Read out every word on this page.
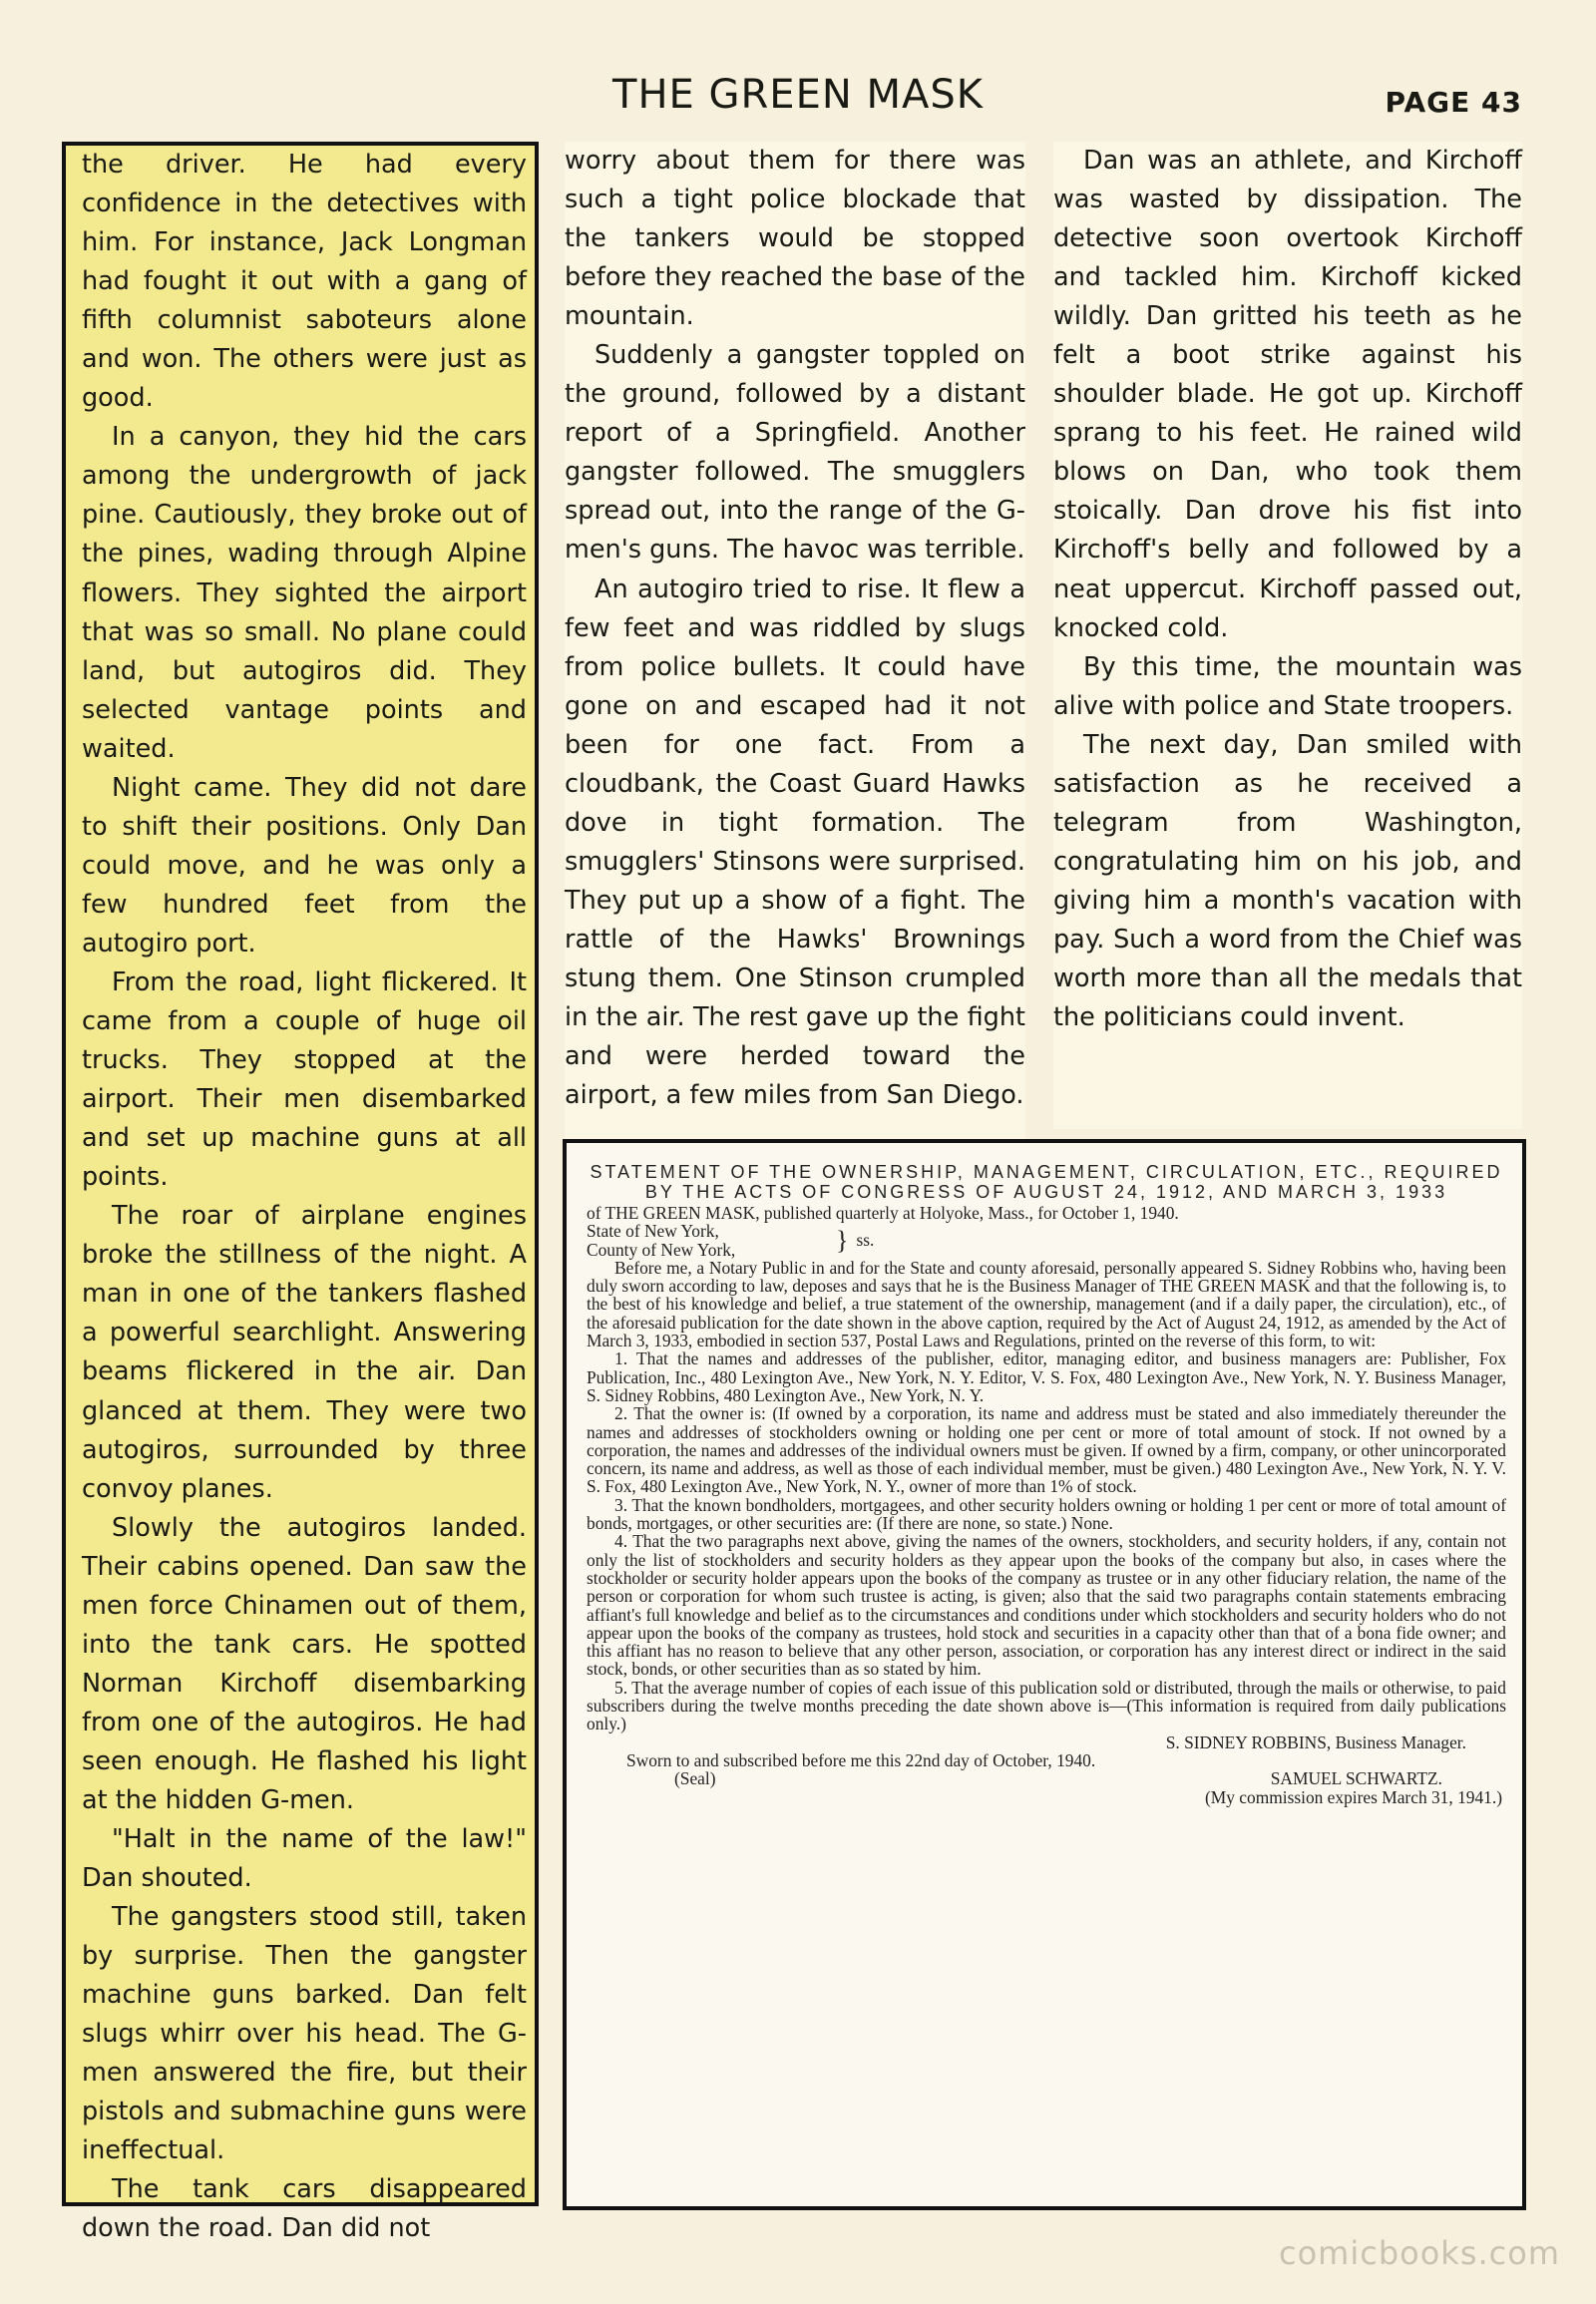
THE GREEN MASK	PAGE 43

the driver. He had every confidence in the detectives with him. For instance, Jack Longman had fought it out with a gang of fifth columnist saboteurs alone and won. The others were just as good.

In a canyon, they hid the cars among the undergrowth of jack pine. Cautiously, they broke out of the pines, wading through Alpine flowers. They sighted the airport that was so small. No plane could land, but autogiros did. They selected vantage points and waited.

Night came. They did not dare to shift their positions. Only Dan could move, and he was only a few hundred feet from the autogiro port.

From the road, light flickered. It came from a couple of huge oil trucks. They stopped at the airport. Their men disembarked and set up machine guns at all points.

The roar of airplane engines broke the stillness of the night. A man in one of the tankers flashed a powerful searchlight. Answering beams flickered in the air. Dan glanced at them. They were two autogiros, surrounded by three convoy planes.

Slowly the autogiros landed. Their cabins opened. Dan saw the men force Chinamen out of them, into the tank cars. He spotted Norman Kirchoff disembarking from one of the autogiros. He had seen enough. He flashed his light at the hidden G-men.

"Halt in the name of the law!" Dan shouted.

The gangsters stood still, taken by surprise. Then the gangster machine guns barked. Dan felt slugs whirr over his head. The G-men answered the fire, but their pistols and submachine guns were ineffectual.

The tank cars disappeared down the road. Dan did not

worry about them for there was such a tight police blockade that the tankers would be stopped before they reached the base of the mountain.

Suddenly a gangster toppled on the ground, followed by a distant report of a Springfield. Another gangster followed. The smugglers spread out, into the range of the G-men's guns. The havoc was terrible.

An autogiro tried to rise. It flew a few feet and was riddled by slugs from police bullets. It could have gone on and escaped had it not been for one fact. From a cloudbank, the Coast Guard Hawks dove in tight formation. The smugglers' Stinsons were surprised. They put up a show of a fight. The rattle of the Hawks' Brownings stung them. One Stinson crumpled in the air. The rest gave up the fight and were herded toward the airport, a few miles from San Diego.

Dan was an athlete, and Kirchoff was wasted by dissipation. The detective soon overtook Kirchoff and tackled him. Kirchoff kicked wildly. Dan gritted his teeth as he felt a boot strike against his shoulder blade. He got up. Kirchoff sprang to his feet. He rained wild blows on Dan, who took them stoically. Dan drove his fist into Kirchoff's belly and followed by a neat uppercut. Kirchoff passed out, knocked cold.

By this time, the mountain was alive with police and State troopers.

The next day, Dan smiled with satisfaction as he received a telegram from Washington, congratulating him on his job, and giving him a month's vacation with pay. Such a word from the Chief was worth more than all the medals that the politicians could invent.

STATEMENT OF THE OWNERSHIP, MANAGEMENT, CIRCULATION, ETC., REQUIRED BY THE ACTS OF CONGRESS OF AUGUST 24, 1912, AND MARCH 3, 1933

of THE GREEN MASK, published quarterly at Holyoke, Mass., for October 1, 1940.

State of New York,
County of New York,	} ss.

Before me, a Notary Public in and for the State and county aforesaid, personally appeared S. Sidney Robbins who, having been duly sworn according to law, deposes and says that he is the Business Manager of THE GREEN MASK and that the following is, to the best of his knowledge and belief, a true statement of the ownership, management (and if a daily paper, the circulation), etc., of the aforesaid publication for the date shown in the above caption, required by the Act of August 24, 1912, as amended by the Act of March 3, 1933, embodied in section 537, Postal Laws and Regulations, printed on the reverse of this form, to wit:

1. That the names and addresses of the publisher, editor, managing editor, and business managers are: Publisher, Fox Publication, Inc., 480 Lexington Ave., New York, N. Y. Editor, V. S. Fox, 480 Lexington Ave., New York, N. Y. Business Manager, S. Sidney Robbins, 480 Lexington Ave., New York, N. Y.

2. That the owner is: (If owned by a corporation, its name and address must be stated and also immediately thereunder the names and addresses of stockholders owning or holding one per cent or more of total amount of stock. If not owned by a corporation, the names and addresses of the individual owners must be given. If owned by a firm, company, or other unincorporated concern, its name and address, as well as those of each individual member, must be given.) 480 Lexington Ave., New York, N. Y. V. S. Fox, 480 Lexington Ave., New York, N. Y., owner of more than 1% of stock.

3. That the known bondholders, mortgagees, and other security holders owning or holding 1 per cent or more of total amount of bonds, mortgages, or other securities are: (If there are none, so state.) None.

4. That the two paragraphs next above, giving the names of the owners, stockholders, and security holders, if any, contain not only the list of stockholders and security holders as they appear upon the books of the company but also, in cases where the stockholder or security holder appears upon the books of the company as trustee or in any other fiduciary relation, the name of the person or corporation for whom such trustee is acting, is given; also that the said two paragraphs contain statements embracing affiant's full knowledge and belief as to the circumstances and conditions under which stockholders and security holders who do not appear upon the books of the company as trustees, hold stock and securities in a capacity other than that of a bona fide owner; and this affiant has no reason to believe that any other person, association, or corporation has any interest direct or indirect in the said stock, bonds, or other securities than as so stated by him.

5. That the average number of copies of each issue of this publication sold or distributed, through the mails or otherwise, to paid subscribers during the twelve months preceding the date shown above is—(This information is required from daily publications only.)

S. SIDNEY ROBBINS, Business Manager.

Sworn to and subscribed before me this 22nd day of October, 1940.

(Seal)	SAMUEL SCHWARTZ.

(My commission expires March 31, 1941.)

comicbooks.com
